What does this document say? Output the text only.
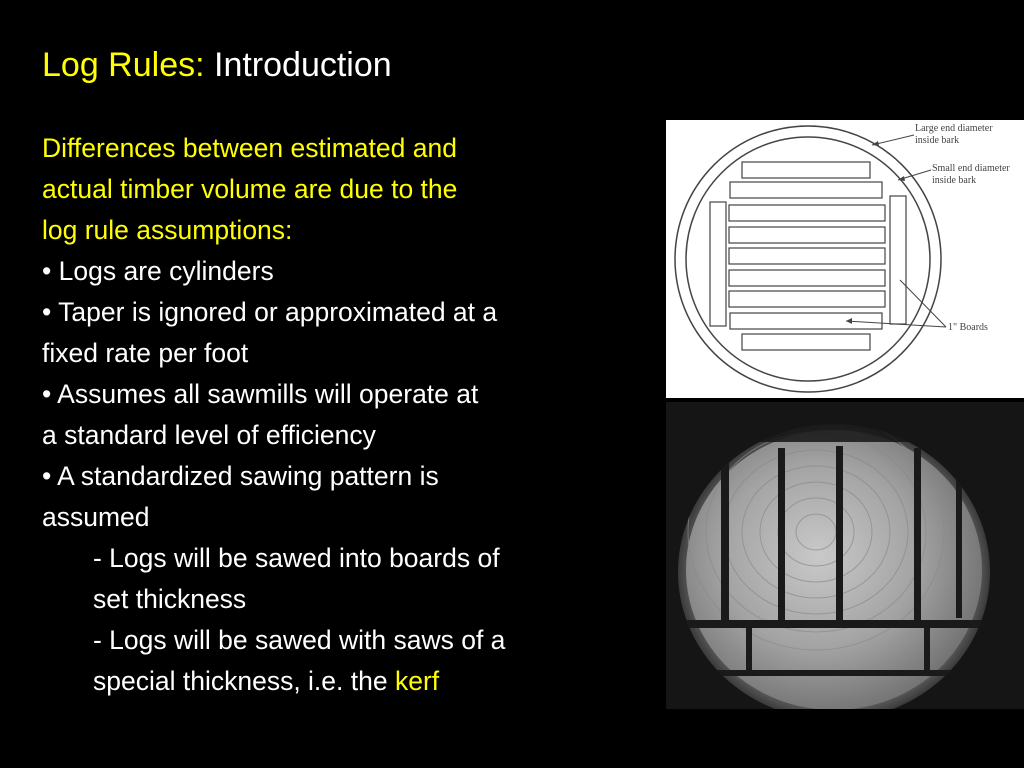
Log Rules: Introduction
Differences between estimated and
actual timber volume are due to the
log rule assumptions:
• Logs are cylinders
• Taper is ignored or approximated at a
fixed rate per foot
• Assumes all sawmills will operate at
a standard level of efficiency
• A standardized sawing pattern is
assumed
- Logs will be sawed into boards of
set thickness
- Logs will be sawed with saws of a
special thickness, i.e. the kerf
Large end diameter
inside bark
Small end diameter
inside bark
1" Boards
